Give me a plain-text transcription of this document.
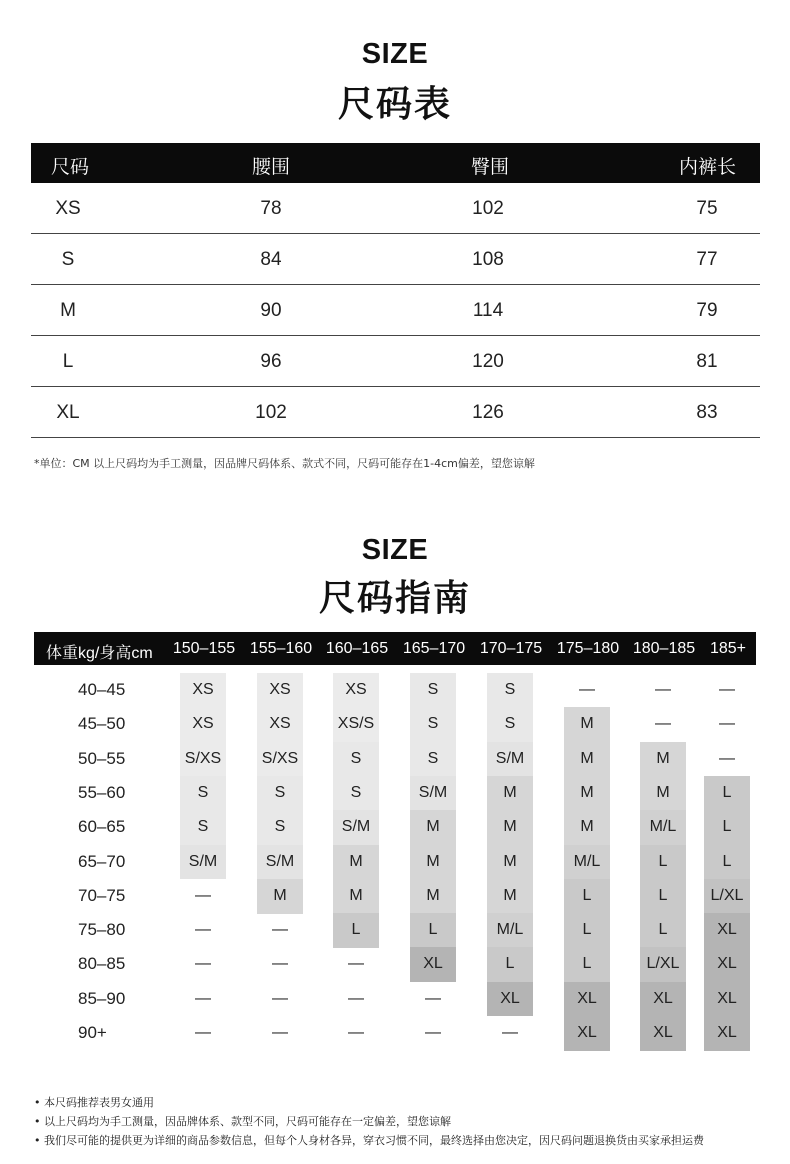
SIZE
尺码表
尺码	腰围	臀围	内裤长
XS	78	102	75
S	84	108	77
M	90	114	79
L	96	120	81
XL	102	126	83
*单位：CM 以上尺码均为手工测量，因品牌尺码体系、款式不同，尺码可能存在1-4cm偏差，望您谅解
SIZE
尺码指南
体重kg/身高cm	150–155 155–160 160–165 165–170 170–175 175–180 180–185 185+
40–45	XS	XS	XS	S	S	—	—	—
45–50	XS	XS	XS/S	S	S	M	—	—
50–55	S/XS	S/XS	S	S	S/M	M	M	—
55–60	S	S	S	S/M	M	M	M	L
60–65	S	S	S/M	M	M	M	M/L	L
65–70	S/M	S/M	M	M	M	M/L	L	L
70–75	—	M	M	M	M	L	L	L/XL
75–80	—	—	L	L	M/L	L	L	XL
80–85	—	—	—	XL	L	L	L/XL	XL
85–90	—	—	—	—	XL	XL	XL	XL
90+	—	—	—	—	—	XL	XL	XL
• 本尺码推荐表男女通用
• 以上尺码均为手工测量，因品牌体系、款型不同，尺码可能存在一定偏差，望您谅解
• 我们尽可能的提供更为详细的商品参数信息，但每个人身材各异，穿衣习惯不同，最终选择由您决定，因尺码问题退换货由买家承担运费
